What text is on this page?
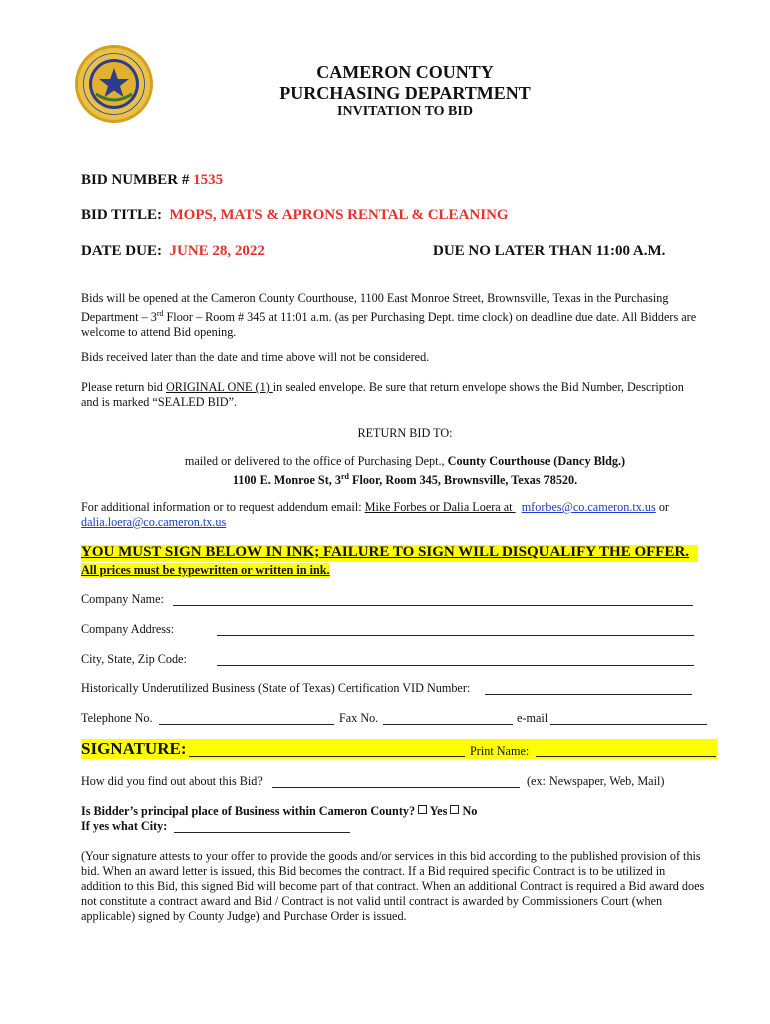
CAMERON COUNTY
PURCHASING DEPARTMENT
INVITATION TO BID
BID NUMBER # 1535
BID TITLE: MOPS, MATS & APRONS RENTAL & CLEANING
DATE DUE: JUNE 28, 2022	DUE NO LATER THAN 11:00 A.M.
Bids will be opened at the Cameron County Courthouse, 1100 East Monroe Street, Brownsville, Texas in the Purchasing
Department – 3rd Floor – Room # 345 at 11:01 a.m. (as per Purchasing Dept. time clock) on deadline due date. All Bidders are
welcome to attend Bid opening.
Bids received later than the date and time above will not be considered.
Please return bid ORIGINAL ONE (1) in sealed envelope. Be sure that return envelope shows the Bid Number, Description
and is marked “SEALED BID”.
RETURN BID TO:
mailed or delivered to the office of Purchasing Dept., County Courthouse (Dancy Bldg.)
1100 E. Monroe St, 3rd Floor, Room 345, Brownsville, Texas 78520.
For additional information or to request addendum email: Mike Forbes or Dalia Loera at   mforbes@co.cameron.tx.us or
dalia.loera@co.cameron.tx.us
YOU MUST SIGN BELOW IN INK; FAILURE TO SIGN WILL DISQUALIFY THE OFFER.
All prices must be typewritten or written in ink.
Company Name:
Company Address:
City, State, Zip Code:
Historically Underutilized Business (State of Texas) Certification VID Number:
Telephone No.	Fax No.	e-mail
SIGNATURE:	Print Name:
How did you find out about this Bid?	(ex: Newspaper, Web, Mail)
Is Bidder’s principal place of Business within Cameron County? Yes No
If yes what City:
(Your signature attests to your offer to provide the goods and/or services in this bid according to the published provision of this
bid. When an award letter is issued, this Bid becomes the contract. If a Bid required specific Contract is to be utilized in
addition to this Bid, this signed Bid will become part of that contract. When an additional Contract is required a Bid award does
not constitute a contract award and Bid / Contract is not valid until contract is awarded by Commissioners Court (when
applicable) signed by County Judge) and Purchase Order is issued.
